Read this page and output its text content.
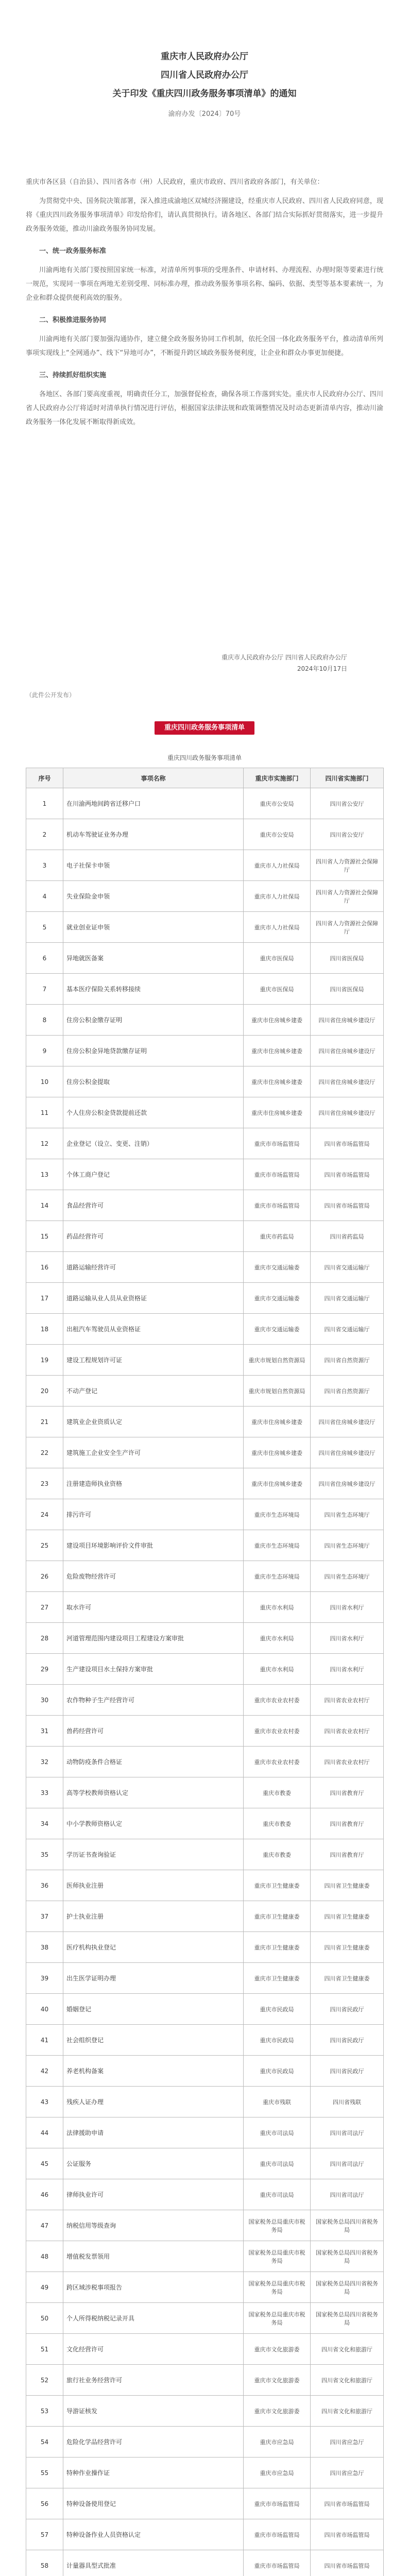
重庆市人民政府办公厅
四川省人民政府办公厅
关于印发《重庆四川政务服务事项清单》的通知
渝府办发〔2024〕70号

重庆市各区县（自治县）、四川省各市（州）人民政府，重庆市政府、四川省政府各部门，有关单位：

为贯彻党中央、国务院决策部署，深入推进成渝地区双城经济圈建设，经重庆市人民政府、四川省人民政府同意，现将《重庆四川政务服务事项清单》印发给你们，请认真贯彻执行。请各地区、各部门结合实际抓好贯彻落实，进一步提升政务服务效能，推动川渝政务服务协同发展。

一、统一政务服务标准

川渝两地有关部门要按照国家统一标准，对清单所列事项的受理条件、申请材料、办理流程、办理时限等要素进行统一规范，实现同一事项在两地无差别受理、同标准办理，推动政务服务事项名称、编码、依据、类型等基本要素统一，为企业和群众提供便利高效的服务。

二、积极推进服务协同

川渝两地有关部门要加强沟通协作，建立健全政务服务协同工作机制，依托全国一体化政务服务平台，推动清单所列事项实现线上“全网通办”、线下“异地可办”，不断提升跨区域政务服务便利度，让企业和群众办事更加便捷。

三、持续抓好组织实施

各地区、各部门要高度重视，明确责任分工，加强督促检查，确保各项工作落到实处。重庆市人民政府办公厅、四川省人民政府办公厅将适时对清单执行情况进行评估，根据国家法律法规和政策调整情况及时动态更新清单内容，推动川渝政务服务一体化发展不断取得新成效。

重庆市人民政府办公厅 四川省人民政府办公厅
2024年10月17日
（此件公开发布）
重庆四川政务服务事项清单
重庆四川政务服务事项清单
序号	事项名称	重庆市实施部门	四川省实施部门
1	在川渝两地间跨省迁移户口	重庆市公安局	四川省公安厅
2	机动车驾驶证业务办理	重庆市公安局	四川省公安厅
3	电子社保卡申领	重庆市人力社保局	四川省人力资源社会保障厅
4	失业保险金申领	重庆市人力社保局	四川省人力资源社会保障厅
5	就业创业证申领	重庆市人力社保局	四川省人力资源社会保障厅
6	异地就医备案	重庆市医保局	四川省医保局
7	基本医疗保险关系转移接续	重庆市医保局	四川省医保局
8	住房公积金缴存证明	重庆市住房城乡建委	四川省住房城乡建设厅
9	住房公积金异地贷款缴存证明	重庆市住房城乡建委	四川省住房城乡建设厅
10	住房公积金提取	重庆市住房城乡建委	四川省住房城乡建设厅
11	个人住房公积金贷款提前还款	重庆市住房城乡建委	四川省住房城乡建设厅
12	企业登记（设立、变更、注销）	重庆市市场监管局	四川省市场监管局
13	个体工商户登记	重庆市市场监管局	四川省市场监管局
14	食品经营许可	重庆市市场监管局	四川省市场监管局
15	药品经营许可	重庆市药监局	四川省药监局
16	道路运输经营许可	重庆市交通运输委	四川省交通运输厅
17	道路运输从业人员从业资格证	重庆市交通运输委	四川省交通运输厅
18	出租汽车驾驶员从业资格证	重庆市交通运输委	四川省交通运输厅
19	建设工程规划许可证	重庆市规划自然资源局	四川省自然资源厅
20	不动产登记	重庆市规划自然资源局	四川省自然资源厅
21	建筑业企业资质认定	重庆市住房城乡建委	四川省住房城乡建设厅
22	建筑施工企业安全生产许可	重庆市住房城乡建委	四川省住房城乡建设厅
23	注册建造师执业资格	重庆市住房城乡建委	四川省住房城乡建设厅
24	排污许可	重庆市生态环境局	四川省生态环境厅
25	建设项目环境影响评价文件审批	重庆市生态环境局	四川省生态环境厅
26	危险废物经营许可	重庆市生态环境局	四川省生态环境厅
27	取水许可	重庆市水利局	四川省水利厅
28	河道管理范围内建设项目工程建设方案审批	重庆市水利局	四川省水利厅
29	生产建设项目水土保持方案审批	重庆市水利局	四川省水利厅
30	农作物种子生产经营许可	重庆市农业农村委	四川省农业农村厅
31	兽药经营许可	重庆市农业农村委	四川省农业农村厅
32	动物防疫条件合格证	重庆市农业农村委	四川省农业农村厅
33	高等学校教师资格认定	重庆市教委	四川省教育厅
34	中小学教师资格认定	重庆市教委	四川省教育厅
35	学历证书查询验证	重庆市教委	四川省教育厅
36	医师执业注册	重庆市卫生健康委	四川省卫生健康委
37	护士执业注册	重庆市卫生健康委	四川省卫生健康委
38	医疗机构执业登记	重庆市卫生健康委	四川省卫生健康委
39	出生医学证明办理	重庆市卫生健康委	四川省卫生健康委
40	婚姻登记	重庆市民政局	四川省民政厅
41	社会组织登记	重庆市民政局	四川省民政厅
42	养老机构备案	重庆市民政局	四川省民政厅
43	残疾人证办理	重庆市残联	四川省残联
44	法律援助申请	重庆市司法局	四川省司法厅
45	公证服务	重庆市司法局	四川省司法厅
46	律师执业许可	重庆市司法局	四川省司法厅
47	纳税信用等级查询	国家税务总局重庆市税务局	国家税务总局四川省税务局
48	增值税发票领用	国家税务总局重庆市税务局	国家税务总局四川省税务局
49	跨区域涉税事项报告	国家税务总局重庆市税务局	国家税务总局四川省税务局
50	个人所得税纳税记录开具	国家税务总局重庆市税务局	国家税务总局四川省税务局
51	文化经营许可	重庆市文化旅游委	四川省文化和旅游厅
52	旅行社业务经营许可	重庆市文化旅游委	四川省文化和旅游厅
53	导游证核发	重庆市文化旅游委	四川省文化和旅游厅
54	危险化学品经营许可	重庆市应急局	四川省应急厅
55	特种作业操作证	重庆市应急局	四川省应急厅
56	特种设备使用登记	重庆市市场监管局	四川省市场监管局
57	特种设备作业人员资格认定	重庆市市场监管局	四川省市场监管局
58	计量器具型式批准	重庆市市场监管局	四川省市场监管局
